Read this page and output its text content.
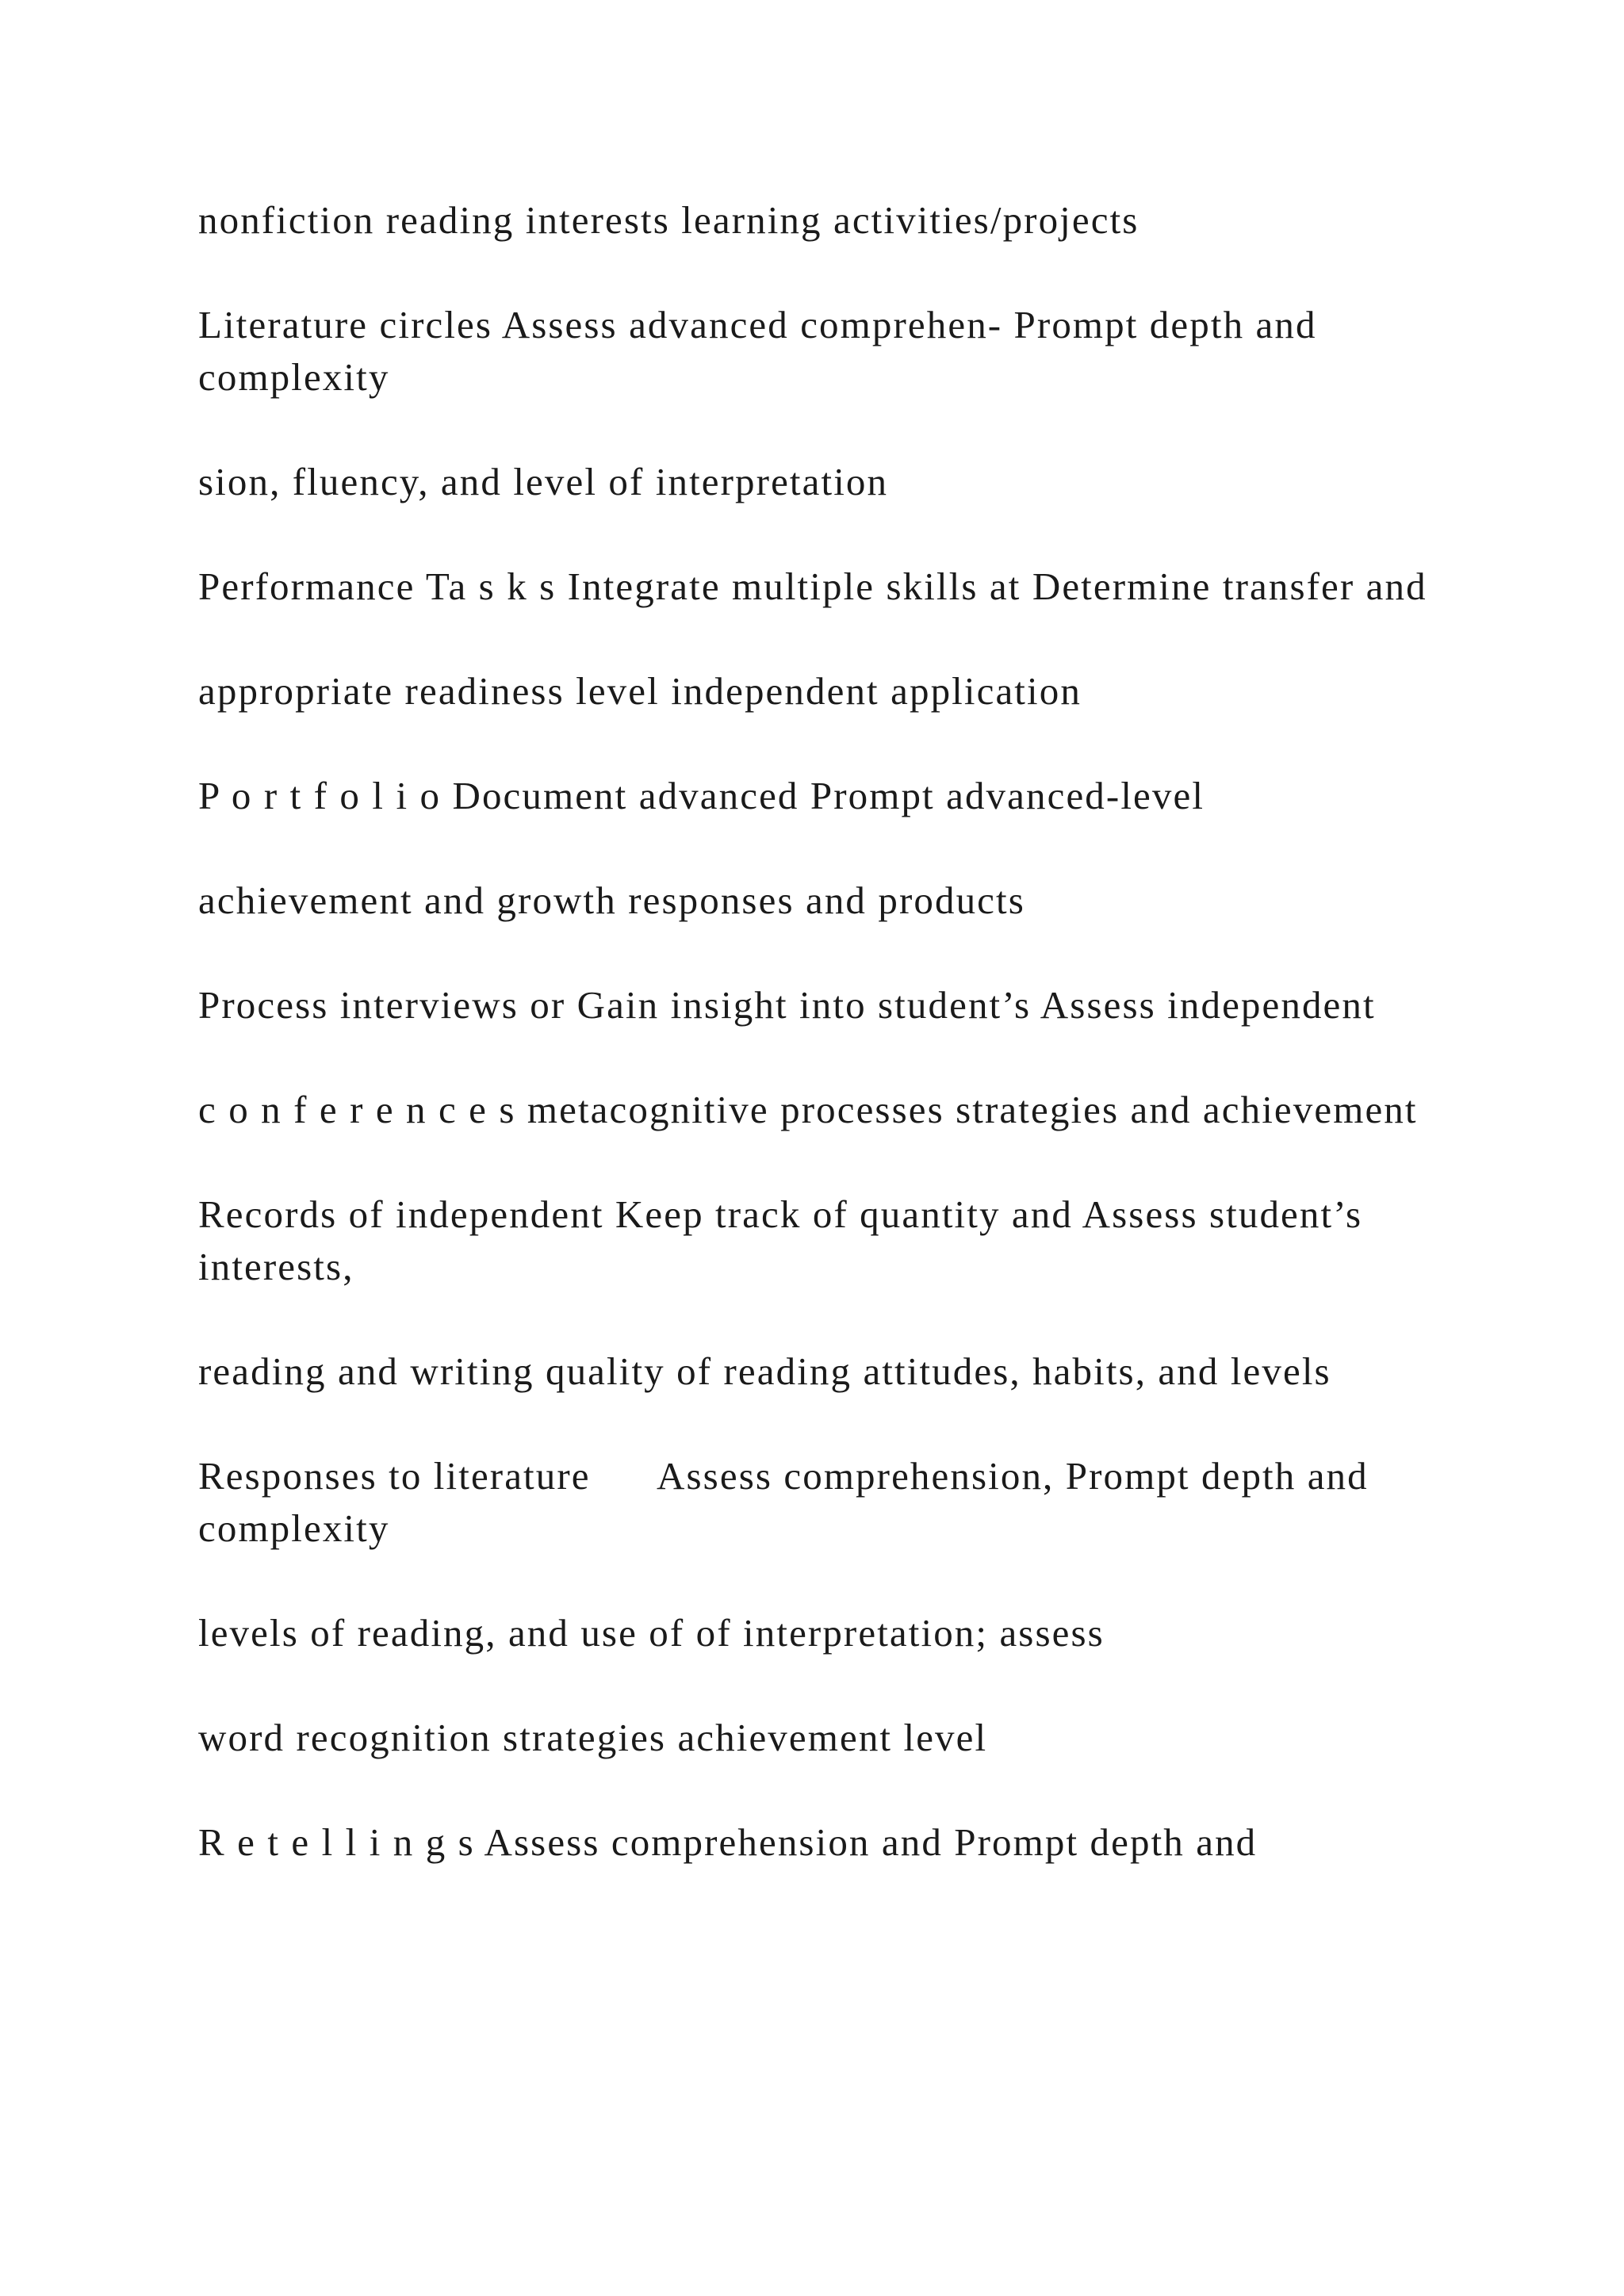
nonfiction reading interests learning activities/projects

Literature circles Assess advanced comprehen- Prompt depth and complexity

sion, fluency, and level of interpretation

Performance Ta s k s Integrate multiple skills at Determine transfer and

appropriate readiness level independent application

P o r t f o l i o Document advanced Prompt advanced-level

achievement and growth responses and products

Process interviews or Gain insight into student’s Assess independent

c o n f e r e n c e s metacognitive processes strategies and achievement

Records of independent Keep track of quantity and Assess student’s interests,

reading and writing quality of reading attitudes, habits, and levels

Responses to literature      Assess comprehension, Prompt depth and complexity

levels of reading, and use of of interpretation; assess

word recognition strategies achievement level

R e t e l l i n g s Assess comprehension and Prompt depth and
